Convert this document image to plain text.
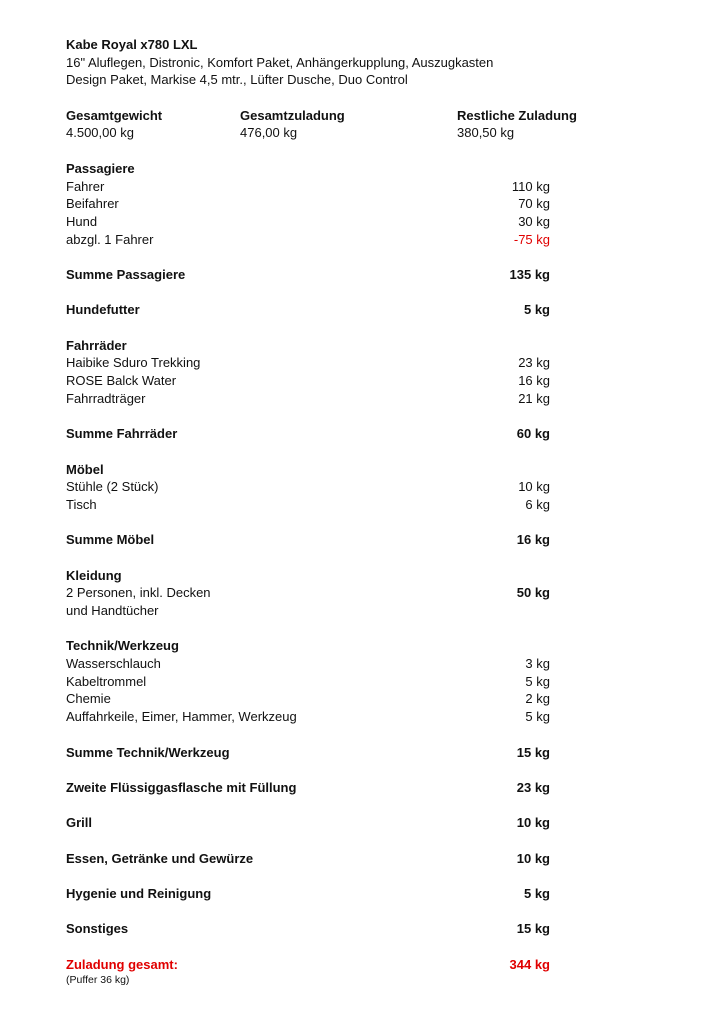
Kabe Royal x780 LXL
16" Aluflegen, Distronic, Komfort Paket, Anhängerkupplung, Auszugkasten
Design Paket, Markise 4,5 mtr., Lüfter Dusche, Duo Control
Gesamtgewicht	Gesamtzuladung	Restliche Zuladung
4.500,00 kg	476,00 kg	380,50 kg
Passagiere
Fahrer	110 kg
Beifahrer	70 kg
Hund	30 kg
abzgl. 1 Fahrer	-75 kg
Summe Passagiere	135 kg
Hundefutter	5 kg
Fahrräder
Haibike Sduro Trekking	23 kg
ROSE Balck Water	16 kg
Fahrradträger	21 kg
Summe Fahrräder	60 kg
Möbel
Stühle (2 Stück)	10 kg
Tisch	6 kg
Summe Möbel	16 kg
Kleidung
2 Personen, inkl. Decken	50 kg
und Handtücher
Technik/Werkzeug
Wasserschlauch	3 kg
Kabeltrommel	5 kg
Chemie	2 kg
Auffahrkeile, Eimer, Hammer, Werkzeug	5 kg
Summe Technik/Werkzeug	15 kg
Zweite Flüssiggasflasche mit Füllung	23 kg
Grill	10 kg
Essen, Getränke und Gewürze	10 kg
Hygenie und Reinigung	5 kg
Sonstiges	15 kg
Zuladung gesamt:	344 kg
(Puffer 36 kg)
